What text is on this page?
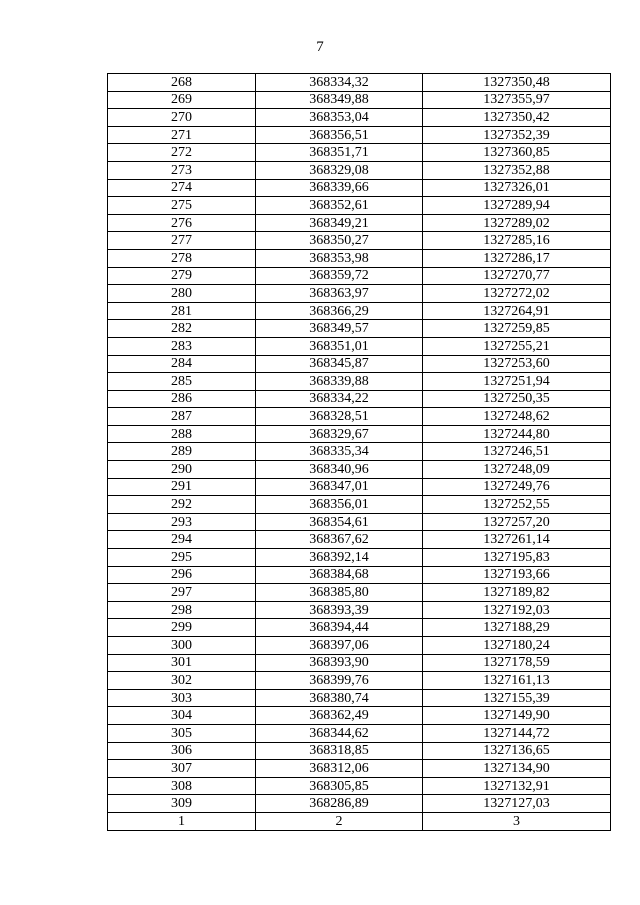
7
268	368334,32	1327350,48
269	368349,88	1327355,97
270	368353,04	1327350,42
271	368356,51	1327352,39
272	368351,71	1327360,85
273	368329,08	1327352,88
274	368339,66	1327326,01
275	368352,61	1327289,94
276	368349,21	1327289,02
277	368350,27	1327285,16
278	368353,98	1327286,17
279	368359,72	1327270,77
280	368363,97	1327272,02
281	368366,29	1327264,91
282	368349,57	1327259,85
283	368351,01	1327255,21
284	368345,87	1327253,60
285	368339,88	1327251,94
286	368334,22	1327250,35
287	368328,51	1327248,62
288	368329,67	1327244,80
289	368335,34	1327246,51
290	368340,96	1327248,09
291	368347,01	1327249,76
292	368356,01	1327252,55
293	368354,61	1327257,20
294	368367,62	1327261,14
295	368392,14	1327195,83
296	368384,68	1327193,66
297	368385,80	1327189,82
298	368393,39	1327192,03
299	368394,44	1327188,29
300	368397,06	1327180,24
301	368393,90	1327178,59
302	368399,76	1327161,13
303	368380,74	1327155,39
304	368362,49	1327149,90
305	368344,62	1327144,72
306	368318,85	1327136,65
307	368312,06	1327134,90
308	368305,85	1327132,91
309	368286,89	1327127,03
1	2	3
